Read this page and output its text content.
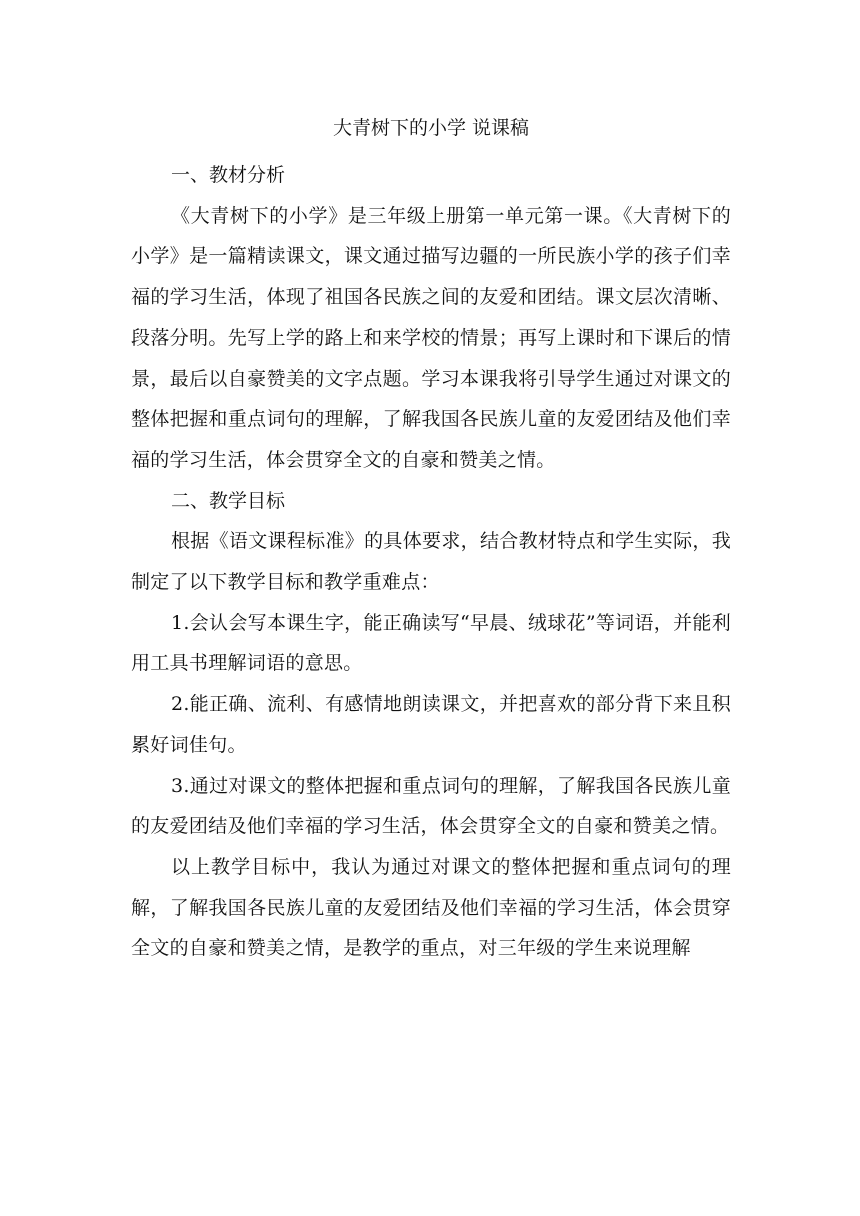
大青树下的小学 说课稿

一、教材分析

《大青树下的小学》是三年级上册第一单元第一课。《大青树下的小学》是一篇精读课文，课文通过描写边疆的一所民族小学的孩子们幸福的学习生活，体现了祖国各民族之间的友爱和团结。课文层次清晰、段落分明。先写上学的路上和来学校的情景；再写上课时和下课后的情景，最后以自豪赞美的文字点题。学习本课我将引导学生通过对课文的整体把握和重点词句的理解，了解我国各民族儿童的友爱团结及他们幸福的学习生活，体会贯穿全文的自豪和赞美之情。

二、教学目标

根据《语文课程标准》的具体要求，结合教材特点和学生实际，我制定了以下教学目标和教学重难点：

1.会认会写本课生字，能正确读写“早晨、绒球花”等词语，并能利用工具书理解词语的意思。

2.能正确、流利、有感情地朗读课文，并把喜欢的部分背下来且积累好词佳句。

3.通过对课文的整体把握和重点词句的理解，了解我国各民族儿童的友爱团结及他们幸福的学习生活，体会贯穿全文的自豪和赞美之情。

以上教学目标中，我认为通过对课文的整体把握和重点词句的理解，了解我国各民族儿童的友爱团结及他们幸福的学习生活，体会贯穿全文的自豪和赞美之情，是教学的重点，对三年级的学生来说理解
